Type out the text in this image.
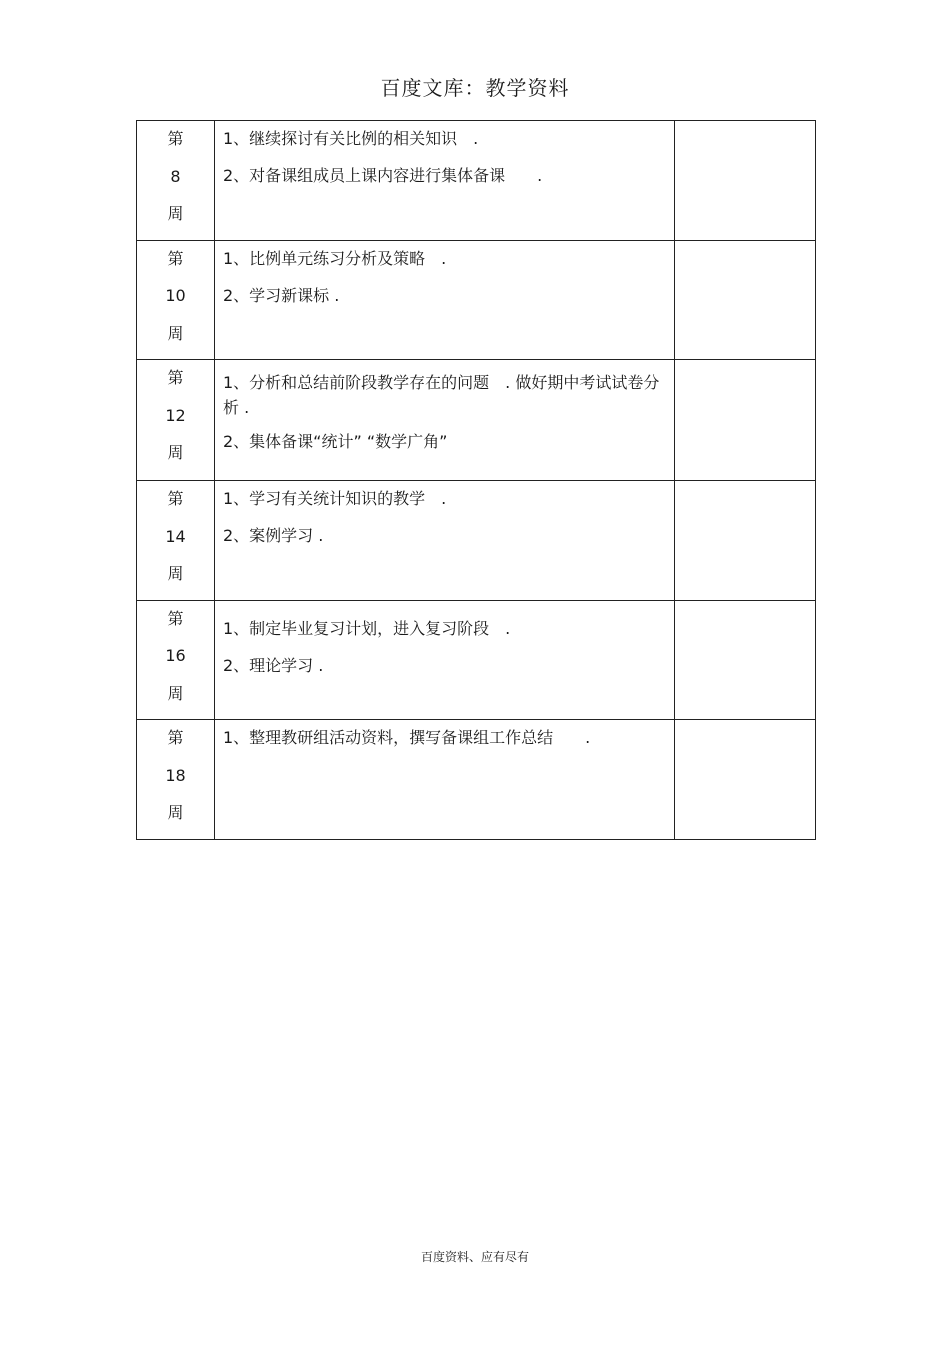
百度文库：教学资料
第
8
周	1、继续探讨有关比例的相关知识　.
2、对备课组成员上课内容进行集体备课　　.	

第
10
周	1、比例单元练习分析及策略　.
2、学习新课标 .	

第
12
周	1、分析和总结前阶段教学存在的问题　. 做好期中考试试卷分析 .
2、集体备课“统计” “数学广角”	

第
14
周	1、学习有关统计知识的教学　.
2、案例学习 .	

第
16
周	1、制定毕业复习计划，进入复习阶段　.
2、理论学习 .	

第
18
周	1、整理教研组活动资料，撰写备课组工作总结　　.	

百度资料、应有尽有
